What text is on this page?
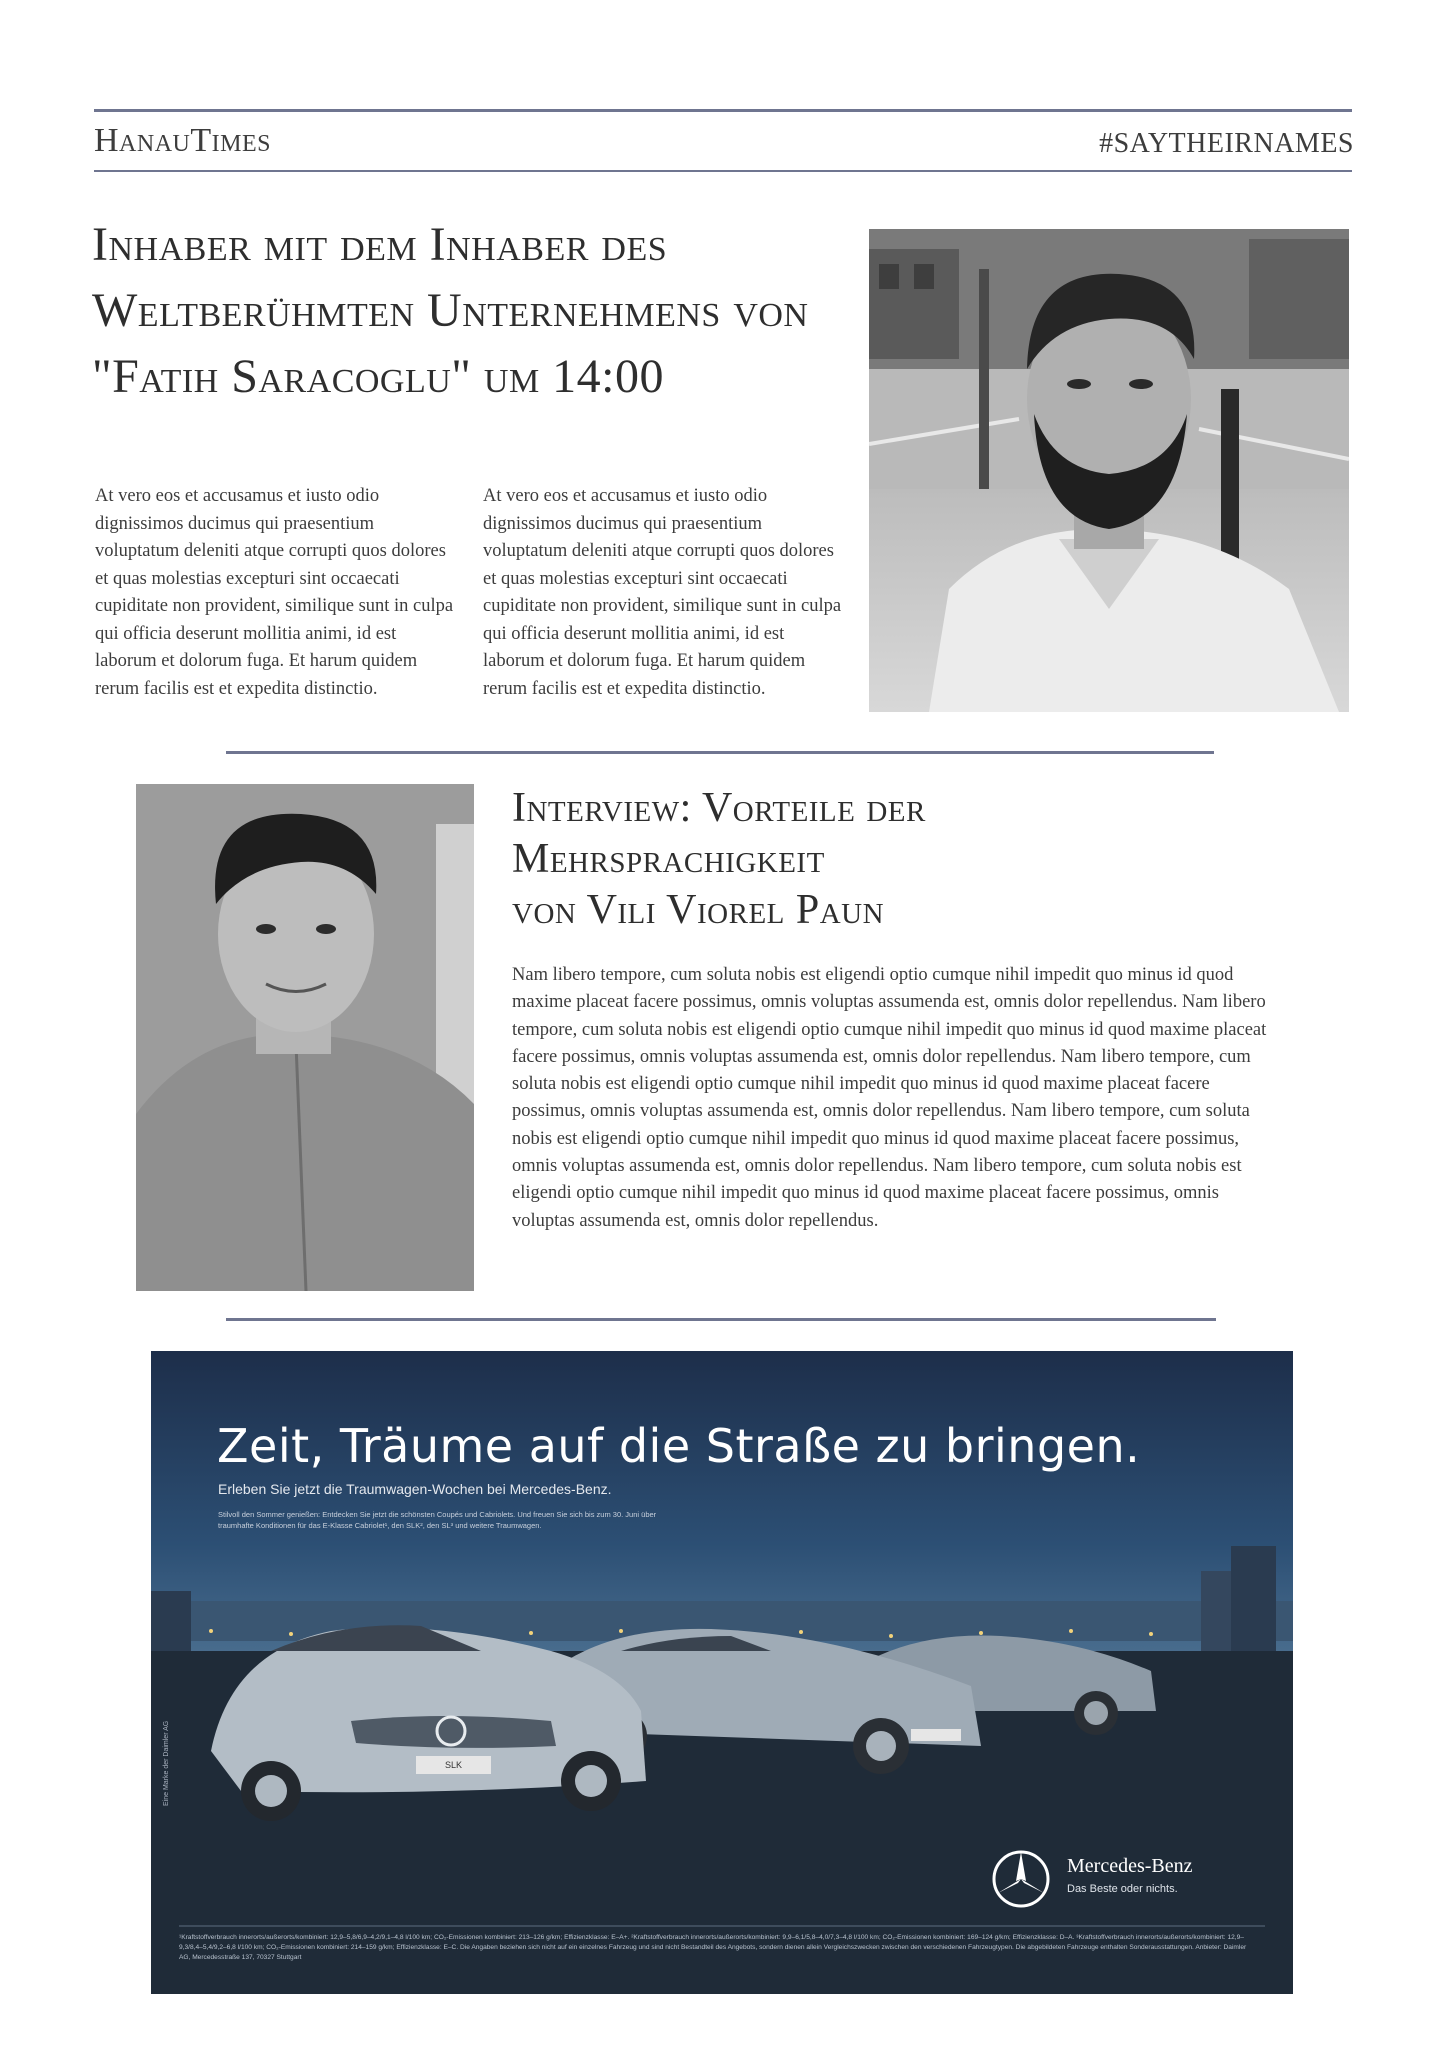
HanauTimes	#SAYTHEIRNAMES
Inhaber mit dem Inhaber des Weltberühmten Unternehmens von "Fatih Saracoglu" um 14:00
At vero eos et accusamus et iusto odio dignissimos ducimus qui praesentium voluptatum deleniti atque corrupti quos dolores et quas molestias excepturi sint occaecati cupiditate non provident, similique sunt in culpa qui officia deserunt mollitia animi, id est laborum et dolorum fuga. Et harum quidem rerum facilis est et expedita distinctio.
At vero eos et accusamus et iusto odio dignissimos ducimus qui praesentium voluptatum deleniti atque corrupti quos dolores et quas molestias excepturi sint occaecati cupiditate non provident, similique sunt in culpa qui officia deserunt mollitia animi, id est laborum et dolorum fuga. Et harum quidem rerum facilis est et expedita distinctio.
Interview: Vorteile der
Mehrsprachigkeit
von Vili Viorel Paun
Nam libero tempore, cum soluta nobis est eligendi optio cumque nihil impedit quo minus id quod maxime placeat facere possimus, omnis voluptas assumenda est, omnis dolor repellendus. Nam libero tempore, cum soluta nobis est eligendi optio cumque nihil impedit quo minus id quod maxime placeat facere possimus, omnis voluptas assumenda est, omnis dolor repellendus. Nam libero tempore, cum soluta nobis est eligendi optio cumque nihil impedit quo minus id quod maxime placeat facere possimus, omnis voluptas assumenda est, omnis dolor repellendus. Nam libero tempore, cum soluta nobis est eligendi optio cumque nihil impedit quo minus id quod maxime placeat facere possimus, omnis voluptas assumenda est, omnis dolor repellendus. Nam libero tempore, cum soluta nobis est eligendi optio cumque nihil impedit quo minus id quod maxime placeat facere possimus, omnis voluptas assumenda est, omnis dolor repellendus.
Zeit, Träume auf die Straße zu bringen.
Erleben Sie jetzt die Traumwagen-Wochen bei Mercedes-Benz.
Stilvoll den Sommer genießen: Entdecken Sie jetzt die schönsten Coupés und Cabriolets. Und freuen Sie sich bis zum 30. Juni über traumhafte Konditionen für das E-Klasse Cabriolet¹, den SLK², den SL³ und weitere Traumwagen.
SLK
Mercedes-Benz
Das Beste oder nichts.
Eine Marke der Daimler AG
¹Kraftstoffverbrauch innerorts/außerorts/kombiniert: 12,9–5,8/6,9–4,2/9,1–4,8 l/100 km; CO₂-Emissionen kombiniert: 213–126 g/km; Effizienzklasse: E–A+. ²Kraftstoffverbrauch innerorts/außerorts/kombiniert: 9,9–6,1/5,8–4,0/7,3–4,8 l/100 km; CO₂-Emissionen kombiniert: 169–124 g/km; Effizienzklasse: D–A. ³Kraftstoffverbrauch innerorts/außerorts/kombiniert: 12,9–9,3/8,4–5,4/9,2–6,8 l/100 km; CO₂-Emissionen kombiniert: 214–159 g/km; Effizienzklasse: E–C. Die Angaben beziehen sich nicht auf ein einzelnes Fahrzeug und sind nicht Bestandteil des Angebots, sondern dienen allein Vergleichszwecken zwischen den verschiedenen Fahrzeugtypen. Die abgebildeten Fahrzeuge enthalten Sonderausstattungen. Anbieter: Daimler AG, Mercedesstraße 137, 70327 Stuttgart
